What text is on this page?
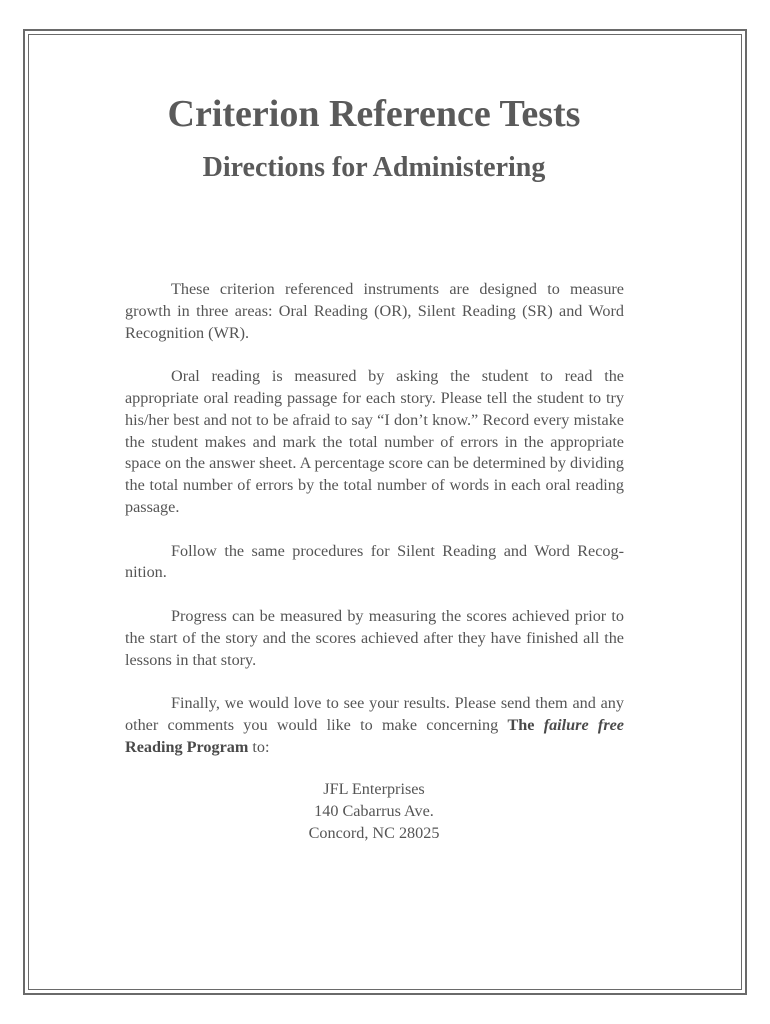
Criterion Reference Tests
Directions for Administering

These criterion referenced instruments are designed to measure growth in three areas: Oral Reading (OR), Silent Reading (SR) and Word Recognition (WR).

Oral reading is measured by asking the student to read the appropriate oral reading passage for each story. Please tell the student to try his/her best and not to be afraid to say “I don’t know.” Record every mistake the student makes and mark the total number of errors in the appropriate space on the answer sheet. A percentage score can be determined by dividing the total number of errors by the total number of words in each oral reading passage.

Follow the same procedures for Silent Reading and Word Recognition.

Progress can be measured by measuring the scores achieved prior to the start of the story and the scores achieved after they have finished all the lessons in that story.

Finally, we would love to see your results. Please send them and any other comments you would like to make concerning The failure free Reading Program to:

JFL Enterprises
140 Cabarrus Ave.
Concord, NC 28025
